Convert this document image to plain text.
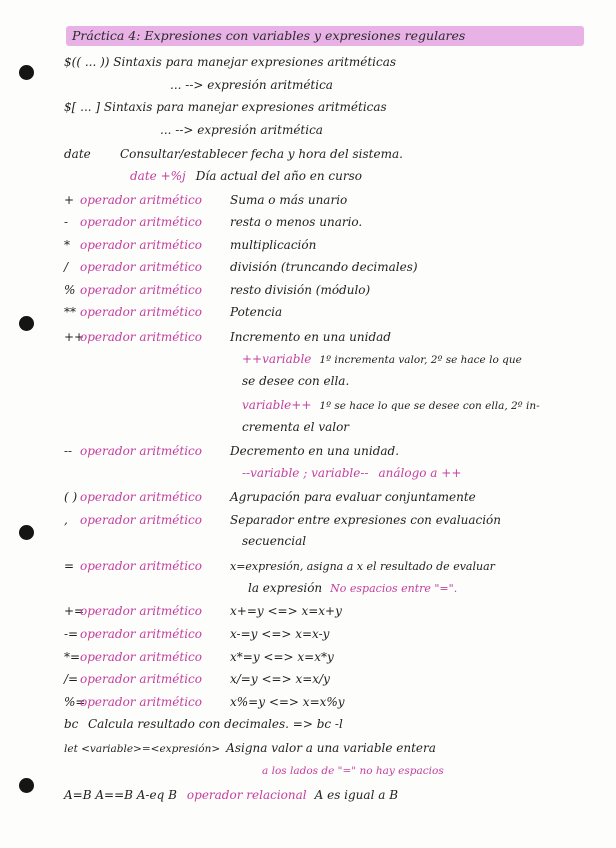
Práctica 4: Expresiones con variables y expresiones regulares
$(( ... )) Sintaxis para manejar expresiones aritméticas
... --> expresión aritmética
$[ ... ] Sintaxis para manejar expresiones aritméticas
... --> expresión aritmética
date Consultar/establecer fecha y hora del sistema.
date +%j Día actual del año en curso
+ operador aritmético Suma o más unario
- operador aritmético resta o menos unario.
* operador aritmético multiplicación
/ operador aritmético división (truncando decimales)
% operador aritmético resto división (módulo)
** operador aritmético Potencia
++operador aritmético Incremento en una unidad
++variable 1º incrementa valor, 2º se hace lo que
se desee con ella.
variable++ 1º se hace lo que se desee con ella, 2º in-
crementa el valor
-- operador aritmético Decremento en una unidad.
--variable ; variable-- análogo a ++
( ) operador aritmético Agrupación para evaluar conjuntamente
, operador aritmético Separador entre expresiones con evaluación
secuencial
= operador aritmético	x=expresión, asigna a x el resultado de evaluar
la expresión No espacios entre "=".
+=operador aritmético x+=y <=> x=x+y
-= operador aritmético x-=y <=> x=x-y
*=operador aritmético x*=y <=> x=x*y
/= operador aritmético x/=y <=> x=x/y
%=operador aritmético x%=y <=> x=x%y
bc Calcula resultado con decimales. => bc -l
let <variable>=<expresión> Asigna valor a una variable entera
a los lados de "=" no hay espacios
A=B A==B A-eq B operador relacional A es igual a B
